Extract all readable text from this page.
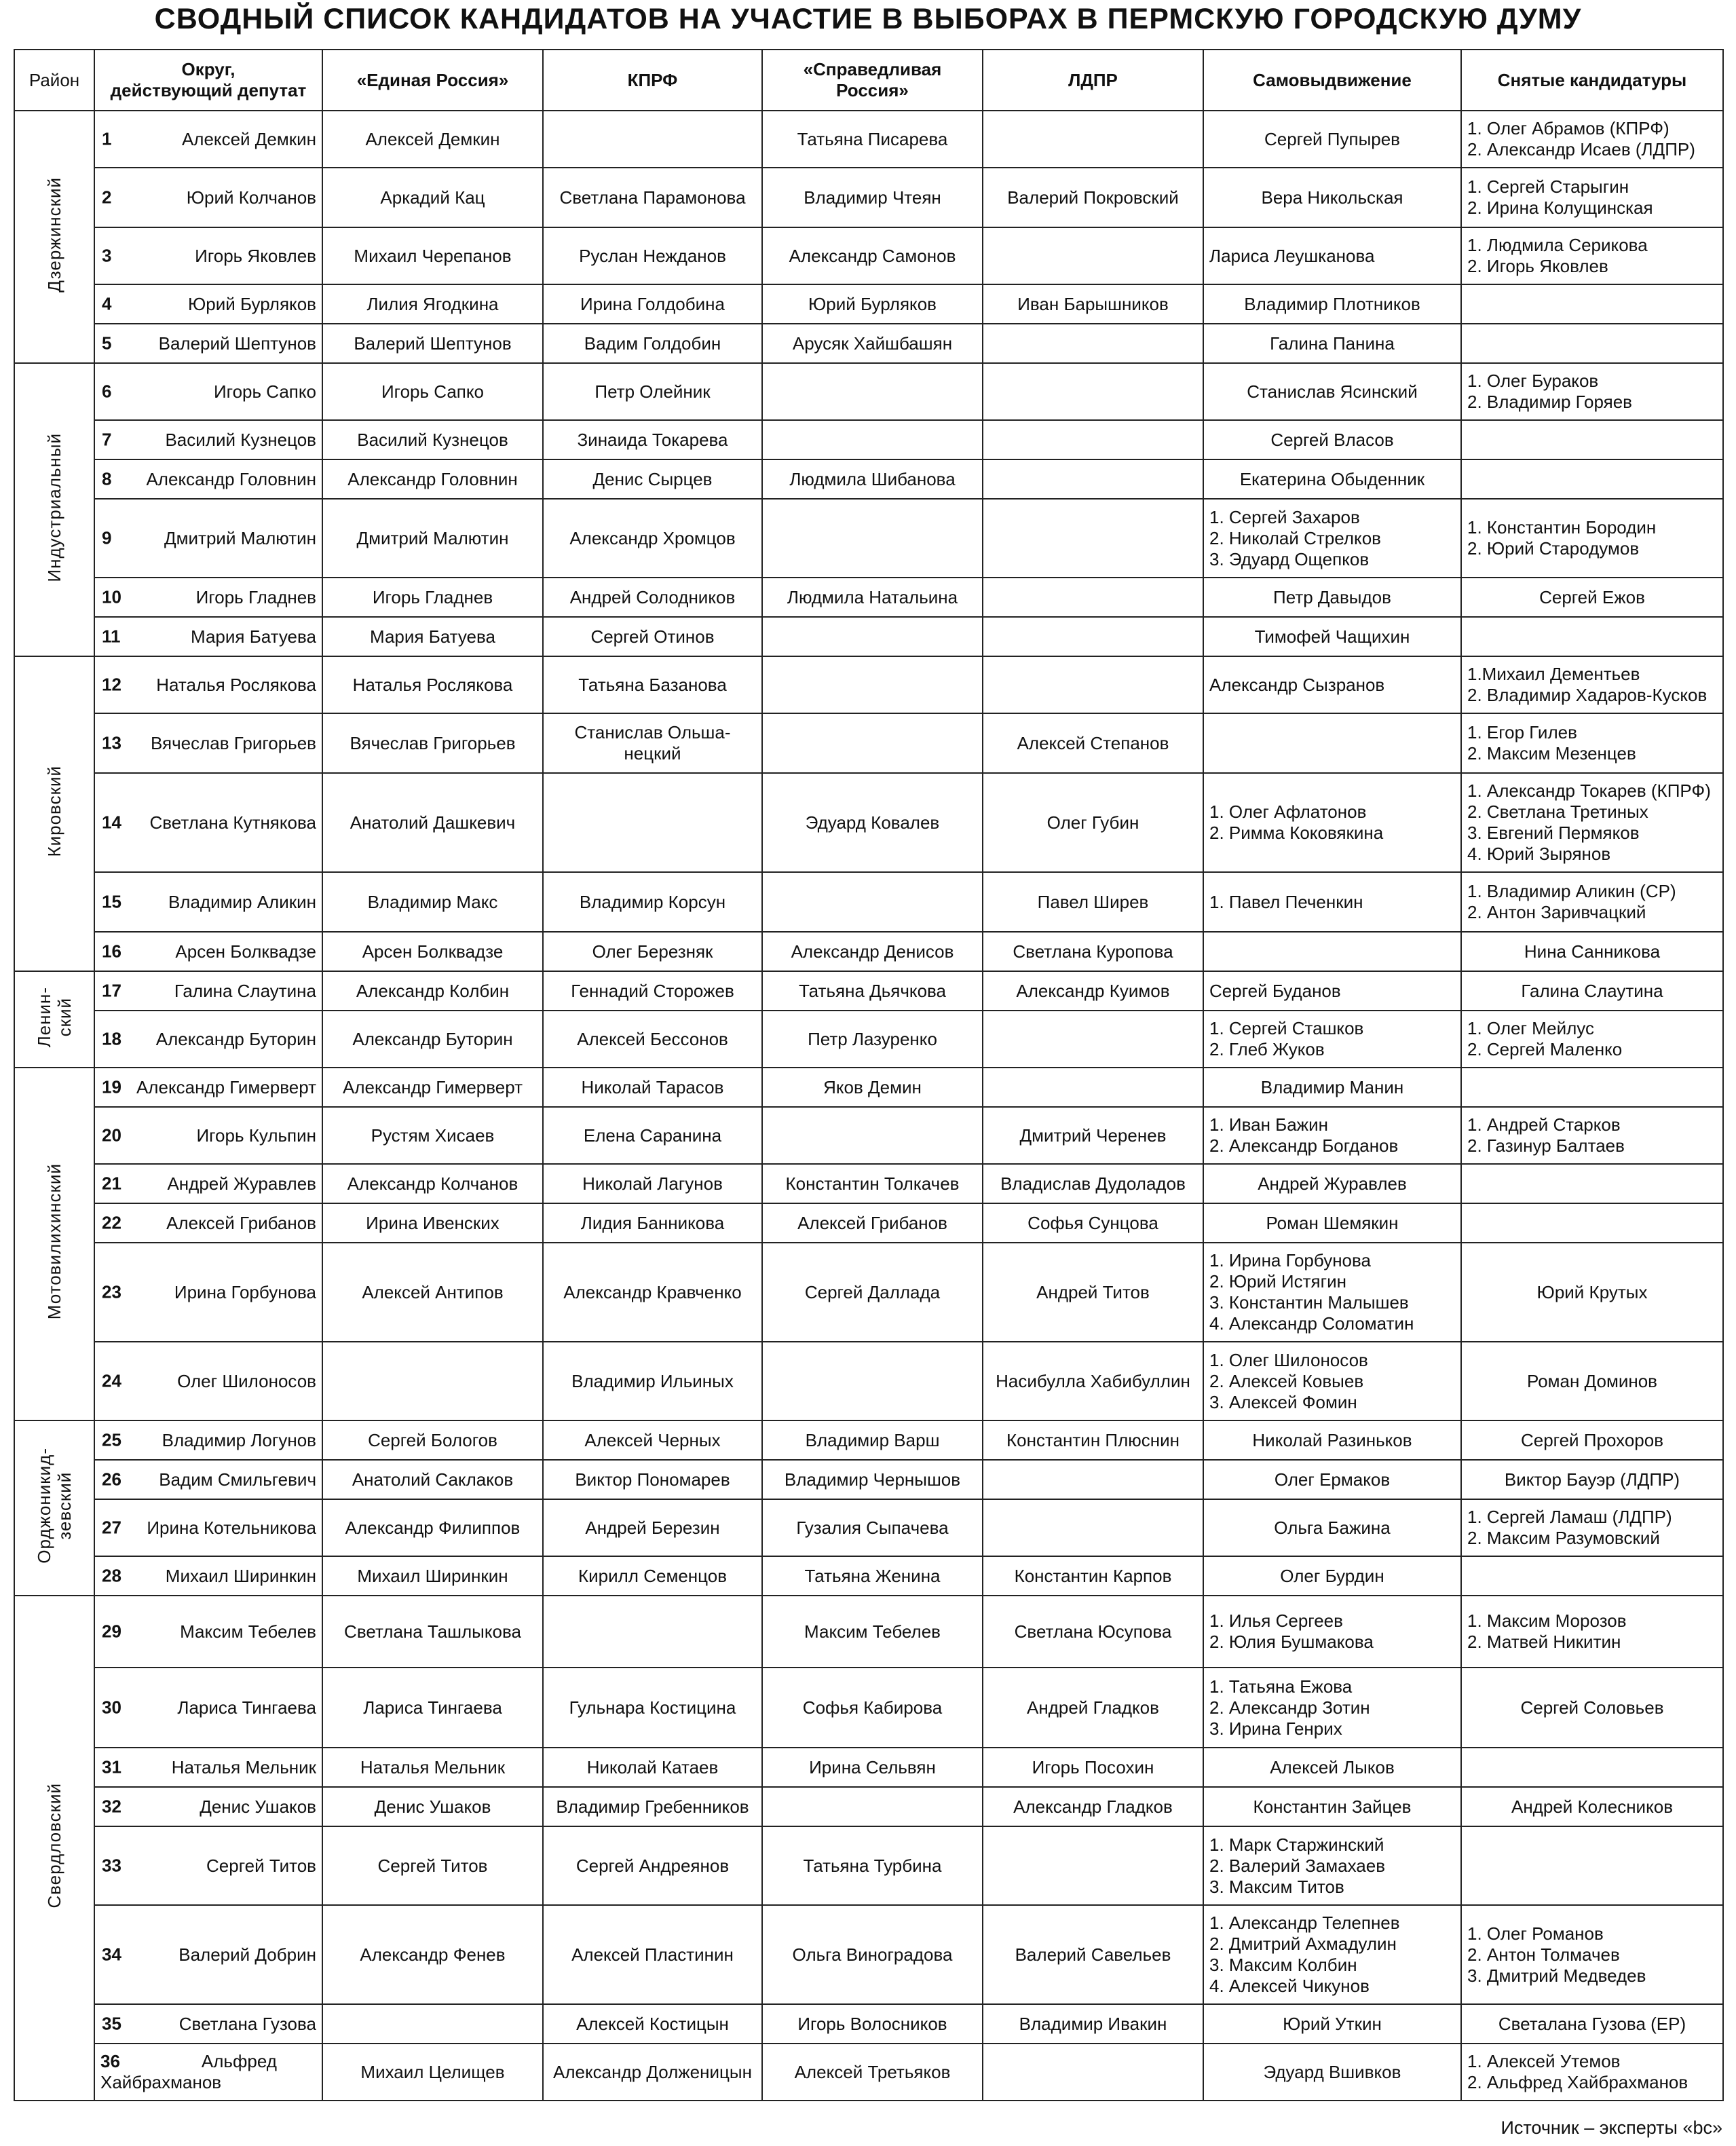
СВОДНЫЙ СПИСОК КАНДИДАТОВ НА УЧАСТИЕ В ВЫБОРАХ В ПЕРМСКУЮ ГОРОДСКУЮ ДУМУ
Район	Округ,
действующий депутат	«Единая Россия»	КПРФ	«Справедливая Россия»	ЛДПР	Самовыдвижение	Снятые кандидатуры
Дзержинский	1 Алексей Демкин	Алексей Демкин		Татьяна Писарева		Сергей Пупырев	1. Олег Абрамов (КПРФ)
2. Александр Исаев (ЛДПР)

	2 Юрий Колчанов	Аркадий Кац	Светлана Парамонова	Владимир Чтеян	Валерий Покровский	Вера Никольская	1. Сергей Старыгин
2. Ирина Колущинская

	3 Игорь Яковлев	Михаил Черепанов	Руслан Нежданов	Александр Самонов		Лариса Леушканова	1. Людмила Серикова
2. Игорь Яковлев

	4 Юрий Бурляков	Лилия Ягодкина	Ирина Голдобина	Юрий Бурляков	Иван Барышников	Владимир Плотников	

	5 Валерий Шептунов	Валерий Шептунов	Вадим Голдобин	Арусяк Хайшбашян		Галина Панина	
Индустриальный	6 Игорь Сапко	Игорь Сапко	Петр Олейник			Станислав Ясинский	1. Олег Бураков
2. Владимир Горяев

	7 Василий Кузнецов	Василий Кузнецов	Зинаида Токарева			Сергей Власов	

	8 Александр Головнин	Александр Головнин	Денис Сырцев	Людмила Шибанова		Екатерина Обыденник	

	9 Дмитрий Малютин	Дмитрий Малютин	Александр Хромцов			1. Сергей Захаров
2. Николай Стрелков
3. Эдуард Ощепков	1. Константин Бородин
2. Юрий Стародумов

	10 Игорь Гладнев	Игорь Гладнев	Андрей Солодников	Людмила Натальина		Петр Давыдов	Сергей Ежов

	11 Мария Батуева	Мария Батуева	Сергей Отинов			Тимофей Чащихин	
Кировский	12 Наталья Рослякова	Наталья Рослякова	Татьяна Базанова			Александр Сызранов	1.Михаил Дементьев
2. Владимир Хадаров-Кусков

	13 Вячеслав Григорьев	Вячеслав Григорьев	Станислав Ольша-
нецкий		Алексей Степанов		1. Егор Гилев
2. Максим Мезенцев

	14 Светлана Кутнякова	Анатолий Дашкевич		Эдуард Ковалев	Олег Губин	1. Олег Афлатонов
2. Римма Коковякина	1. Александр Токарев (КПРФ)
2. Светлана Третиных
3. Евгений Пермяков
4. Юрий Зырянов

	15 Владимир Аликин	Владимир Макс	Владимир Корсун		Павел Ширев	1. Павел Печенкин	1. Владимир Аликин (СР)
2. Антон Заривчацкий

	16 Арсен Болквадзе	Арсен Болквадзе	Олег Березняк	Александр Денисов	Светлана Куропова		Нина Санникова
Ленин-
ский	17 Галина Слаутина	Александр Колбин	Геннадий Сторожев	Татьяна Дьячкова	Александр Куимов	Сергей Буданов	Галина Слаутина

	18 Александр Буторин	Александр Буторин	Алексей Бессонов	Петр Лазуренко		1. Сергей Сташков
2. Глеб Жуков	1. Олег Мейлус
2. Сергей Маленко
Мотовилихинский	19 Александр Гимерверт	Александр Гимерверт	Николай Тарасов	Яков Демин		Владимир Манин	

	20 Игорь Кульпин	Рустям Хисаев	Елена Саранина		Дмитрий Черенев	1. Иван Бажин
2. Александр Богданов	1. Андрей Старков
2. Газинур Балтаев

	21 Андрей Журавлев	Александр Колчанов	Николай Лагунов	Константин Толкачев	Владислав Дудоладов	Андрей Журавлев	

	22 Алексей Грибанов	Ирина Ивенских	Лидия Банникова	Алексей Грибанов	Софья Сунцова	Роман Шемякин	

	23 Ирина Горбунова	Алексей Антипов	Александр Кравченко	Сергей Даллада	Андрей Титов	1. Ирина Горбунова
2. Юрий Истягин
3. Константин Малышев
4. Александр Соломатин	Юрий Крутых

	24 Олег Шилоносов		Владимир Ильиных		Насибулла Хабибуллин	1. Олег Шилоносов
2. Алексей Ковыев
3. Алексей Фомин	Роман Доминов
Орджоникид-
зевский	25 Владимир Логунов	Сергей Бологов	Алексей Черных	Владимир Варш	Константин Плюснин	Николай Разиньков	Сергей Прохоров

	26 Вадим Смильгевич	Анатолий Саклаков	Виктор Пономарев	Владимир Чернышов		Олег Ермаков	Виктор Бауэр (ЛДПР)

	27 Ирина Котельникова	Александр Филиппов	Андрей Березин	Гузалия Сыпачева		Ольга Бажина	1. Сергей Ламаш (ЛДПР)
2. Максим Разумовский

	28 Михаил Ширинкин	Михаил Ширинкин	Кирилл Семенцов	Татьяна Женина	Константин Карпов	Олег Бурдин	
Свердловский	29 Максим Тебелев	Светлана Ташлыкова		Максим Тебелев	Светлана Юсупова	1. Илья Сергеев
2. Юлия Бушмакова	1. Максим Морозов
2. Матвей Никитин

	30 Лариса Тингаева	Лариса Тингаева	Гульнара Костицина	Софья Кабирова	Андрей Гладков	1. Татьяна Ежова
2. Александр Зотин
3. Ирина Генрих	Сергей Соловьев

	31 Наталья Мельник	Наталья Мельник	Николай Катаев	Ирина Сельвян	Игорь Посохин	Алексей Лыков	

	32 Денис Ушаков	Денис Ушаков	Владимир Гребенников		Александр Гладков	Константин Зайцев	Андрей Колесников

	33 Сергей Титов	Сергей Титов	Сергей Андреянов	Татьяна Турбина		1. Марк Старжинский
2. Валерий Замахаев
3. Максим Титов	

	34 Валерий Добрин	Александр Фенев	Алексей Пластинин	Ольга Виноградова	Валерий Савельев	1. Александр Телепнев
2. Дмитрий Ахмадулин
3. Максим Колбин
4. Алексей Чикунов	1. Олег Романов
2. Антон Толмачев
3. Дмитрий Медведев

	35 Светлана Гузова		Алексей Костицын	Игорь Волосников	Владимир Ивакин	Юрий Уткин	Светалана Гузова (ЕР)
	36 Альфред Хайбрахманов	Михаил Целищев	Александр Долженицын	Алексей Третьяков		Эдуард Вшивков	1. Алексей Утемов
2. Альфред Хайбрахманов
Источник – эксперты «bc»
